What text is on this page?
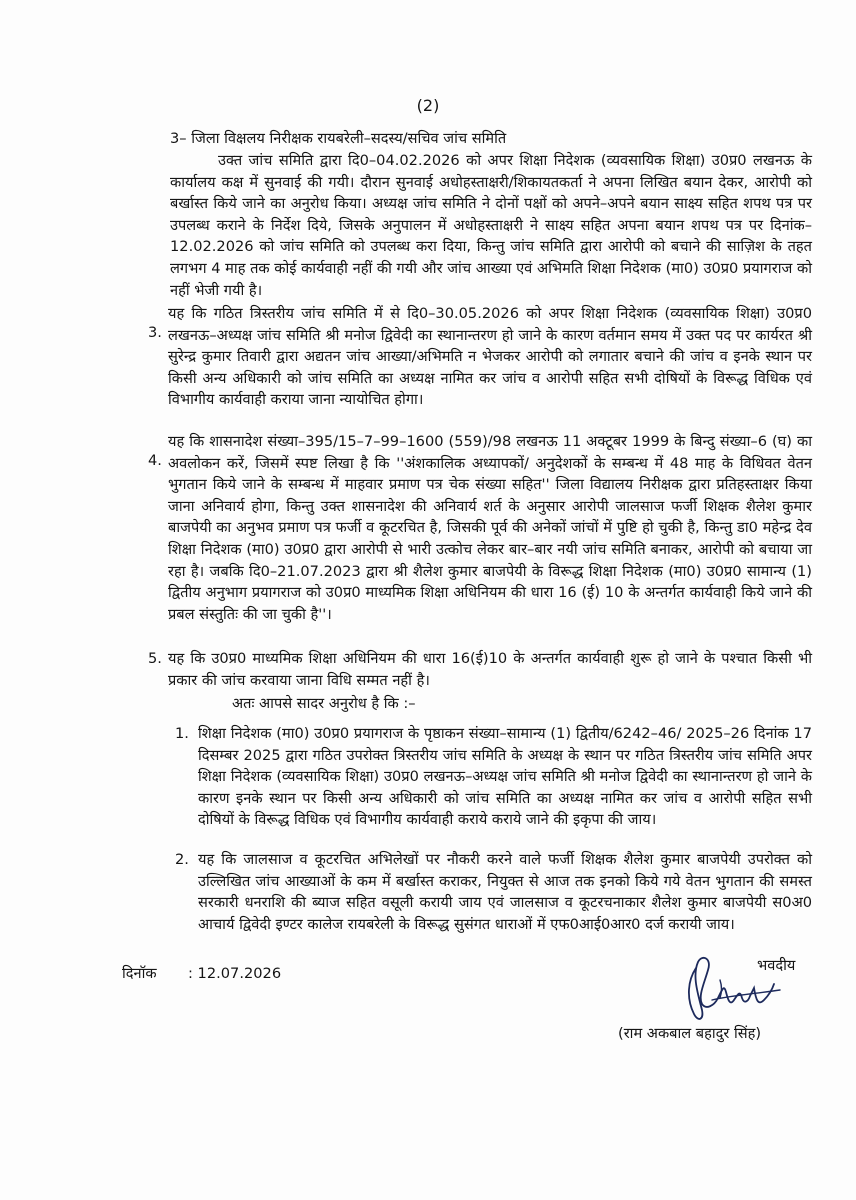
(2)
3– जिला विक्षलय निरीक्षक रायबरेली–सदस्य/सचिव जांच समिति

उक्त जांच समिति द्वारा दि0–04.02.2026 को अपर शिक्षा निदेशक (व्यवसायिक शिक्षा) उ0प्र0 लखनऊ के कार्यालय कक्ष में सुनवाई की गयी। दौरान सुनवाई अधोहस्ताक्षरी/शिकायतकर्ता ने अपना लिखित बयान देकर, आरोपी को बर्खास्त किये जाने का अनुरोध किया। अध्यक्ष जांच समिति ने दोनों पक्षों को अपने–अपने बयान साक्ष्य सहित शपथ पत्र पर उपलब्ध कराने के निर्देश दिये, जिसके अनुपालन में अधोहस्ताक्षरी ने साक्ष्य सहित अपना बयान शपथ पत्र पर दिनांक–12.02.2026 को जांच समिति को उपलब्ध करा दिया, किन्तु जांच समिति द्वारा आरोपी को बचाने की साज़िश के तहत लगभग 4 माह तक कोई कार्यवाही नहीं की गयी और जांच आख्या एवं अभिमति शिक्षा निदेशक (मा0) उ0प्र0 प्रयागराज को नहीं भेजी गयी है।

3.

यह कि गठित त्रिस्तरीय जांच समिति में से दि0–30.05.2026 को अपर शिक्षा निदेशक (व्यवसायिक शिक्षा) उ0प्र0 लखनऊ–अध्यक्ष जांच समिति श्री मनोज द्विवेदी का स्थानान्तरण हो जाने के कारण वर्तमान समय में उक्त पद पर कार्यरत श्री सुरेन्द्र कुमार तिवारी द्वारा अद्यतन जांच आख्या/अभिमति न भेजकर आरोपी को लगातार बचाने की जांच व इनके स्थान पर किसी अन्य अधिकारी को जांच समिति का अध्यक्ष नामित कर जांच व आरोपी सहित सभी दोषियों के विरूद्ध विधिक एवं विभागीय कार्यवाही कराया जाना न्यायोचित होगा।

4.

यह कि शासनादेश संख्या–395/15–7–99–1600 (559)/98 लखनऊ 11 अक्टूबर 1999 के बिन्दु संख्या–6 (घ) का अवलोकन करें, जिसमें स्पष्ट लिखा है कि ''अंशकालिक अध्यापकों/ अनुदेशकों के सम्बन्ध में 48 माह के विधिवत वेतन भुगतान किये जाने के सम्बन्ध में माहवार प्रमाण पत्र चेक संख्या सहित'' जिला विद्यालय निरीक्षक द्वारा प्रतिहस्ताक्षर किया जाना अनिवार्य होगा, किन्तु उक्त शासनादेश की अनिवार्य शर्त के अनुसार आरोपी जालसाज फर्जी शिक्षक शैलेश कुमार बाजपेयी का अनुभव प्रमाण पत्र फर्जी व कूटरचित है, जिसकी पूर्व की अनेकों जांचों में पुष्टि हो चुकी है, किन्तु डा0 महेन्द्र देव शिक्षा निदेशक (मा0) उ0प्र0 द्वारा आरोपी से भारी उत्कोच लेकर बार–बार नयी जांच समिति बनाकर, आरोपी को बचाया जा रहा है। जबकि दि0–21.07.2023 द्वारा श्री शैलेश कुमार बाजपेयी के विरूद्ध शिक्षा निदेशक (मा0) उ0प्र0 सामान्य (1) द्वितीय अनुभाग प्रयागराज को उ0प्र0 माध्यमिक शिक्षा अधिनियम की धारा 16 (ई) 10 के अन्तर्गत कार्यवाही किये जाने की प्रबल संस्तुतिः की जा चुकी है''।

5. यह कि उ0प्र0 माध्यमिक शिक्षा अधिनियम की धारा 16(ई)10 के अन्तर्गत कार्यवाही शुरू हो जाने के पश्चात किसी भी प्रकार की जांच करवाया जाना विधि सम्मत नहीं है।

अतः आपसे सादर अनुरोध है कि :–
1. शिक्षा निदेशक (मा0) उ0प्र0 प्रयागराज के पृष्ठाकन संख्या–सामान्य (1) द्वितीय/6242–46/ 2025–26 दिनांक 17 दिसम्बर 2025 द्वारा गठित उपरोक्त त्रिस्तरीय जांच समिति के अध्यक्ष के स्थान पर गठित त्रिस्तरीय जांच समिति अपर शिक्षा निदेशक (व्यवसायिक शिक्षा) उ0प्र0 लखनऊ–अध्यक्ष जांच समिति श्री मनोज द्विवेदी का स्थानान्तरण हो जाने के कारण इनके स्थान पर किसी अन्य अधिकारी को जांच समिति का अध्यक्ष नामित कर जांच व आरोपी सहित सभी दोषियों के विरूद्ध विधिक एवं विभागीय कार्यवाही कराये कराये जाने की इकृपा की जाय।

2. यह कि जालसाज व कूटरचित अभिलेखों पर नौकरी करने वाले फर्जी शिक्षक शैलेश कुमार बाजपेयी उपरोक्त को उल्लिखित जांच आख्याओं के कम में बर्खास्त कराकर, नियुक्त से आज तक इनको किये गये वेतन भुगतान की समस्त सरकारी धनराशि की ब्याज सहित वसूली करायी जाय एवं जालसाज व कूटरचनाकार शैलेश कुमार बाजपेयी स0अ0 आचार्य द्विवेदी इण्टर कालेज रायबरेली के विरूद्ध सुसंगत धाराओं में एफ0आई0आर0 दर्ज करायी जाय।

दिनॉक : 12.07.2026	भवदीय
(राम अकबाल बहादुर सिंह)
